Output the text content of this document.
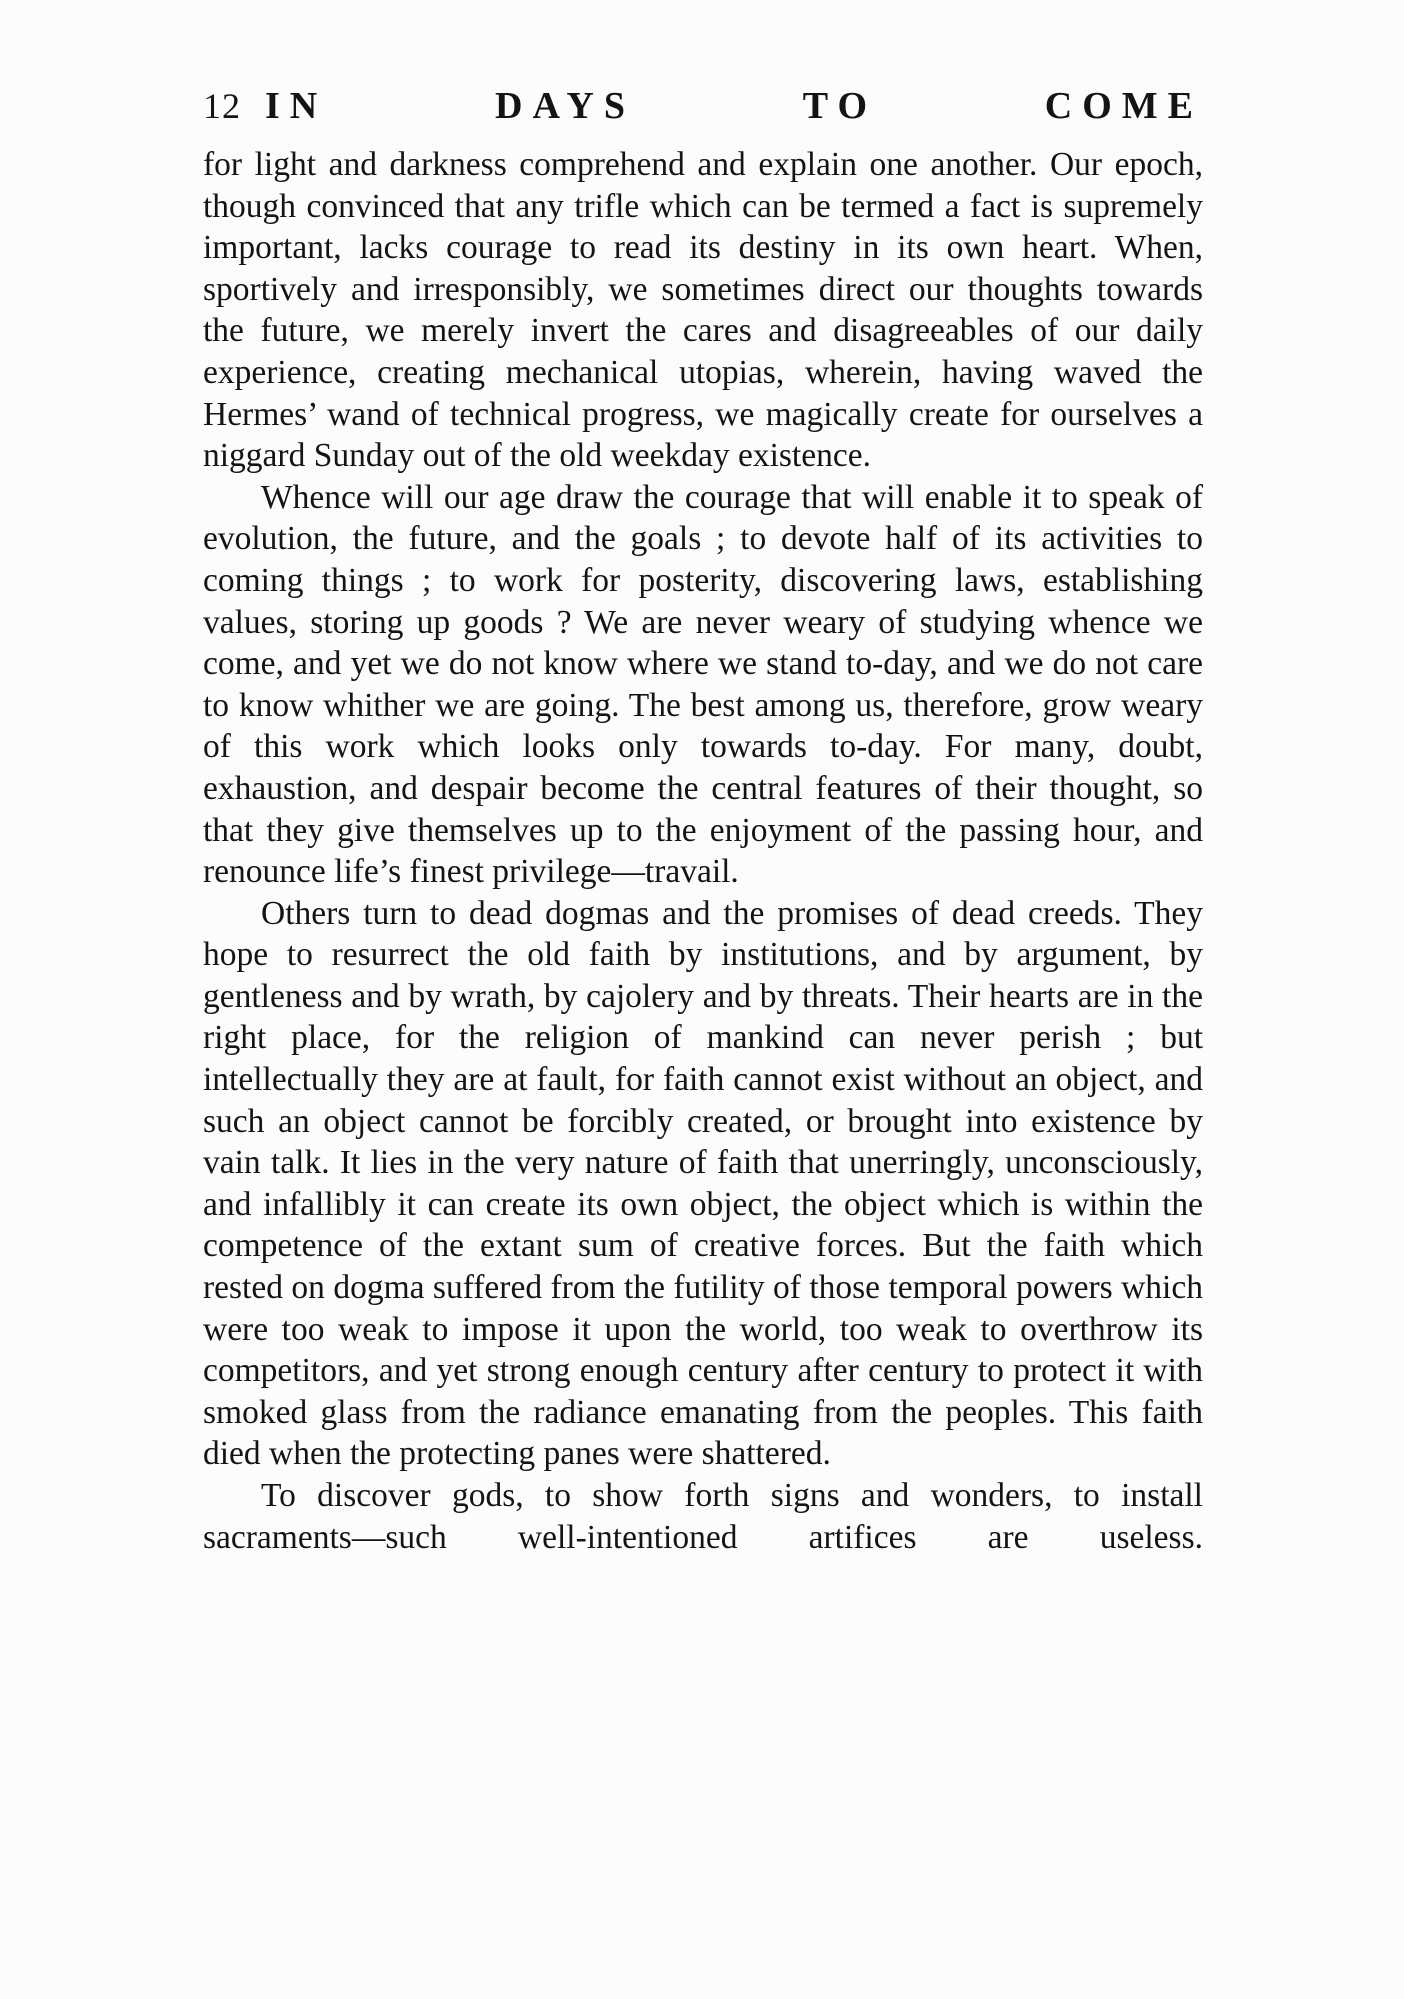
12 IN	DAYS	TO	COME

for light and darkness comprehend and explain one another. Our epoch, though convinced that any trifle which can be termed a fact is supremely important, lacks courage to read its destiny in its own heart. When, sportively and irresponsibly, we sometimes direct our thoughts towards the future, we merely invert the cares and disagreeables of our daily experience, creating mechanical utopias, wherein, having waved the Hermes’ wand of technical progress, we magically create for ourselves a niggard Sunday out of the old weekday existence.

Whence will our age draw the courage that will enable it to speak of evolution, the future, and the goals ; to devote half of its activities to coming things ; to work for posterity, discovering laws, establishing values, storing up goods ? We are never weary of studying whence we come, and yet we do not know where we stand to-day, and we do not care to know whither we are going. The best among us, therefore, grow weary of this work which looks only towards to-day. For many, doubt, exhaustion, and despair become the central features of their thought, so that they give themselves up to the enjoyment of the passing hour, and renounce life’s finest privilege—travail.

Others turn to dead dogmas and the promises of dead creeds. They hope to resurrect the old faith by institutions, and by argument, by gentleness and by wrath, by cajolery and by threats. Their hearts are in the right place, for the religion of mankind can never perish ; but intellectually they are at fault, for faith cannot exist without an object, and such an object cannot be forcibly created, or brought into existence by vain talk. It lies in the very nature of faith that unerringly, unconsciously, and infallibly it can create its own object, the object which is within the competence of the extant sum of creative forces. But the faith which rested on dogma suffered from the futility of those temporal powers which were too weak to impose it upon the world, too weak to overthrow its competitors, and yet strong enough century after century to protect it with smoked glass from the radiance emanating from the peoples. This faith died when the protecting panes were shattered.

To discover gods, to show forth signs and wonders, to install sacraments—such well-intentioned artifices are useless.
